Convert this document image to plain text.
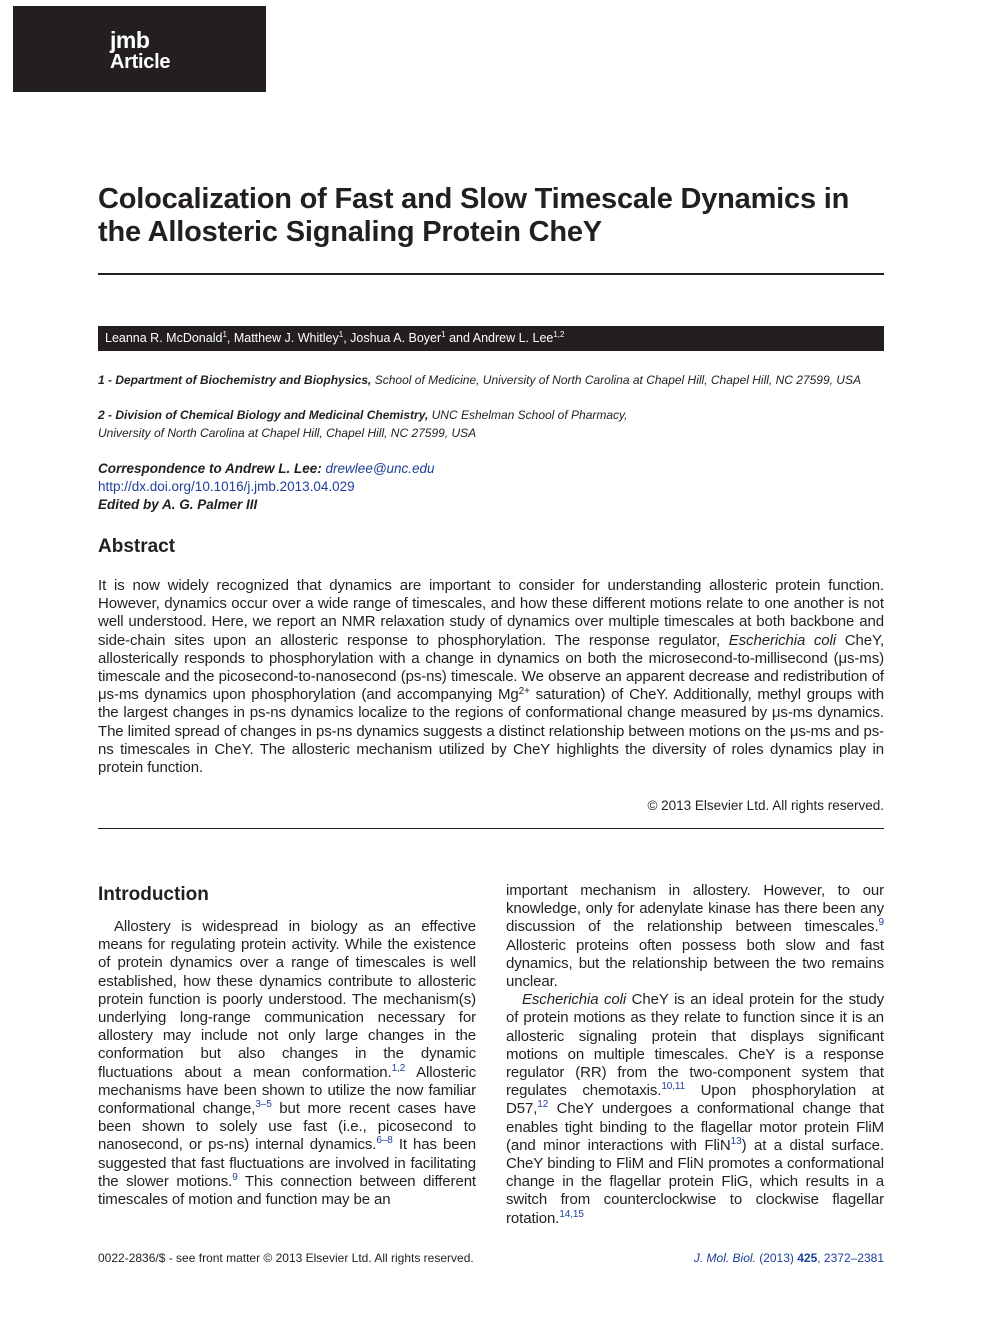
jmb
Article
Colocalization of Fast and Slow Timescale Dynamics in the Allosteric Signaling Protein CheY
Leanna R. McDonald$^1$, Matthew J. Whitley$^1$, Joshua A. Boyer$^1$ and Andrew L. Lee$^{1,2}$
1 - Department of Biochemistry and Biophysics, School of Medicine, University of North Carolina at Chapel Hill, Chapel Hill, NC 27599, USA
2 - Division of Chemical Biology and Medicinal Chemistry, UNC Eshelman School of Pharmacy,
University of North Carolina at Chapel Hill, Chapel Hill, NC 27599, USA
Correspondence to Andrew L. Lee: drewlee@unc.edu
http://dx.doi.org/10.1016/j.jmb.2013.04.029
Edited by A. G. Palmer III
Abstract

It is now widely recognized that dynamics are important to consider for understanding allosteric protein function. However, dynamics occur over a wide range of timescales, and how these different motions relate to one another is not well understood. Here, we report an NMR relaxation study of dynamics over multiple timescales at both backbone and side-chain sites upon an allosteric response to phosphorylation. The response regulator, Escherichia coli CheY, allosterically responds to phosphorylation with a change in dynamics on both the microsecond-to-millisecond (μs-ms) timescale and the picosecond-to-nanosecond (ps-ns) timescale. We observe an apparent decrease and redistribution of μs-ms dynamics upon phosphorylation (and accompanying $Mg^{2+}$ saturation) of CheY. Additionally, methyl groups with the largest changes in ps-ns dynamics localize to the regions of conformational change measured by μs-ms dynamics. The limited spread of changes in ps-ns dynamics suggests a distinct relationship between motions on the μs-ms and ps-ns timescales in CheY. The allosteric mechanism utilized by CheY highlights the diversity of roles dynamics play in protein function.

© 2013 Elsevier Ltd. All rights reserved.
Introduction

Allostery is widespread in biology as an effective means for regulating protein activity. While the existence of protein dynamics over a range of timescales is well established, how these dynamics contribute to allosteric protein function is poorly understood. The mechanism(s) underlying long-range communication necessary for allostery may include not only large changes in the conformation but also changes in the dynamic fluctuations about a mean conformation.$^{1,2}$ Allosteric mechanisms have been shown to utilize the now familiar conformational change,$^{3-5}$ but more recent cases have been shown to solely use fast (i.e., picosecond to nanosecond, or ps-ns) internal dynamics.$^{6-8}$ It has been suggested that fast fluctuations are involved in facilitating the slower motions.$^9$ This connection between different timescales of motion and function may be an

important mechanism in allostery. However, to our knowledge, only for adenylate kinase has there been any discussion of the relationship between timescales.$^9$ Allosteric proteins often possess both slow and fast dynamics, but the relationship between the two remains unclear.

Escherichia coli CheY is an ideal protein for the study of protein motions as they relate to function since it is an allosteric signaling protein that displays significant motions on multiple timescales. CheY is a response regulator (RR) from the two-component system that regulates chemotaxis.$^{10,11}$ Upon phosphorylation at D57,12 CheY undergoes a conformational change that enables tight binding to the flagellar motor protein FliM (and minor interactions with FliN$^{13}$) at a distal surface. CheY binding to FliM and FliN promotes a conformational change in the flagellar protein FliG, which results in a switch from counterclockwise to clockwise flagellar rotation.$^{14,15}$

0022-2836/$ - see front matter © 2013 Elsevier Ltd. All rights reserved.	J. Mol. Biol. (2013) 425, 2372–2381
